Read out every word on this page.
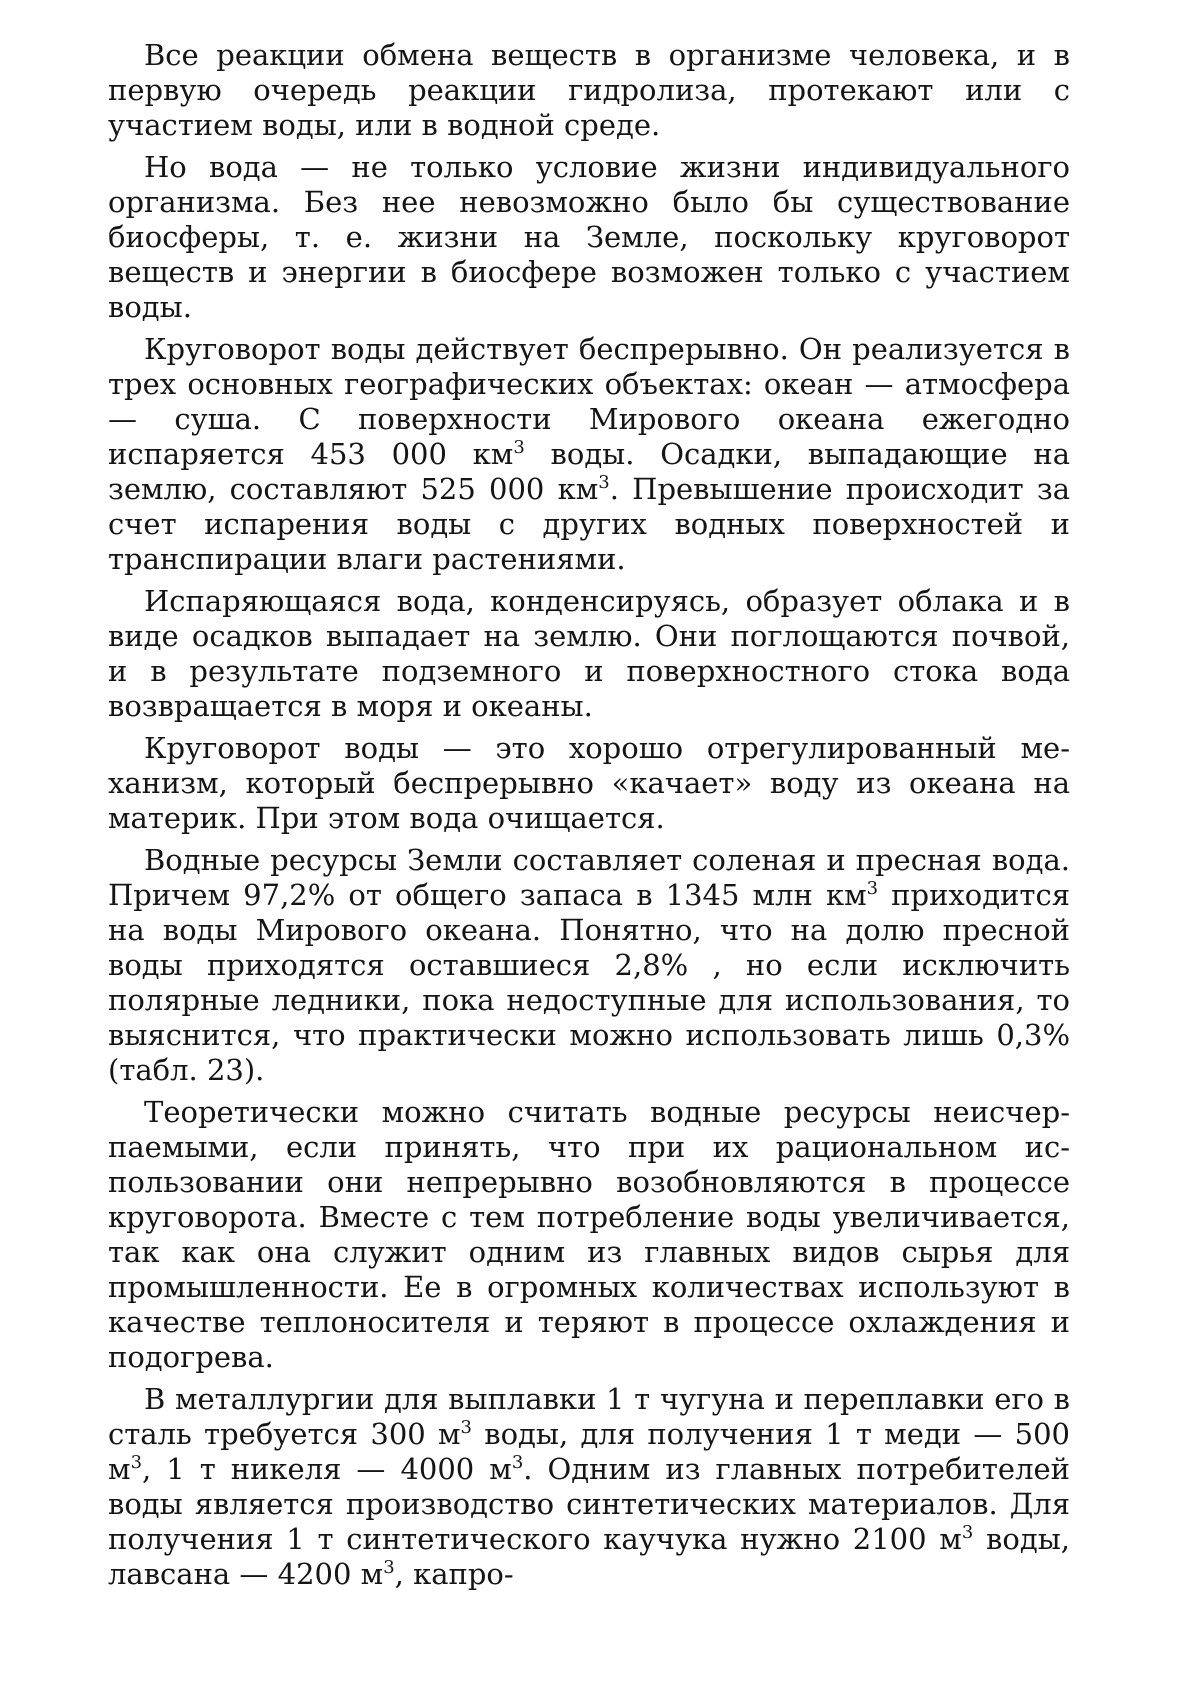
Все реакции обмена веществ в организме человека, и в первую очередь реакции гидролиза, протекают или с участием воды, или в водной среде.

Но вода — не только условие жизни индивидуального организма. Без нее невозможно было бы существование биосферы, т. е. жизни на Земле, поскольку круговорот веществ и энергии в биосфере возможен только с участием воды.

Круговорот воды действует беспрерывно. Он реализуется в трех основных географических объектах: океан — атмосфера — суша. С поверхности Мирового океана ежегодно испаряется 453 000 $км^3$ воды. Осадки, выпадающие на землю, составляют 525 000 $км^3$. Превышение происходит за счет испарения воды с других водных поверхностей и транспирации влаги растениями.

Испаряющаяся вода, конденсируясь, образует облака и в виде осадков выпадает на землю. Они поглощаются почвой, и в результате подземного и поверхностного стока вода возвращается в моря и океаны.

Круговорот воды — это хорошо отрегулированный механизм, который беспрерывно «качает» воду из океана на материк. При этом вода очищается.

Водные ресурсы Земли составляет соленая и пресная вода. Причем 97,2% от общего запаса в 1345 млн $км^3$ приходится на воды Мирового океана. Понятно, что на долю пресной воды приходятся оставшиеся 2,8% , но если исключить полярные ледники, пока недоступные для использования, то выяснится, что практически можно использовать лишь 0,3% (табл. 23).

Теоретически можно считать водные ресурсы неисчерпаемыми, если принять, что при их рациональном использовании они непрерывно возобновляются в процессе круговорота. Вместе с тем потребление воды увеличивается, так как она служит одним из главных видов сырья для промышленности. Ее в огромных количествах используют в качестве теплоносителя и теряют в процессе охлаждения и подогрева.

В металлургии для выплавки 1 т чугуна и переплавки его в сталь требуется 300 $м^3$ воды, для получения 1 т меди — 500 $м^3$, 1 т никеля — 4000 $м^3$. Одним из главных потребителей воды является производство синтетических материалов. Для получения 1 т синтетического каучука нужно 2100 $м^3$ воды, лавсана — 4200 $м^3$, капро-
